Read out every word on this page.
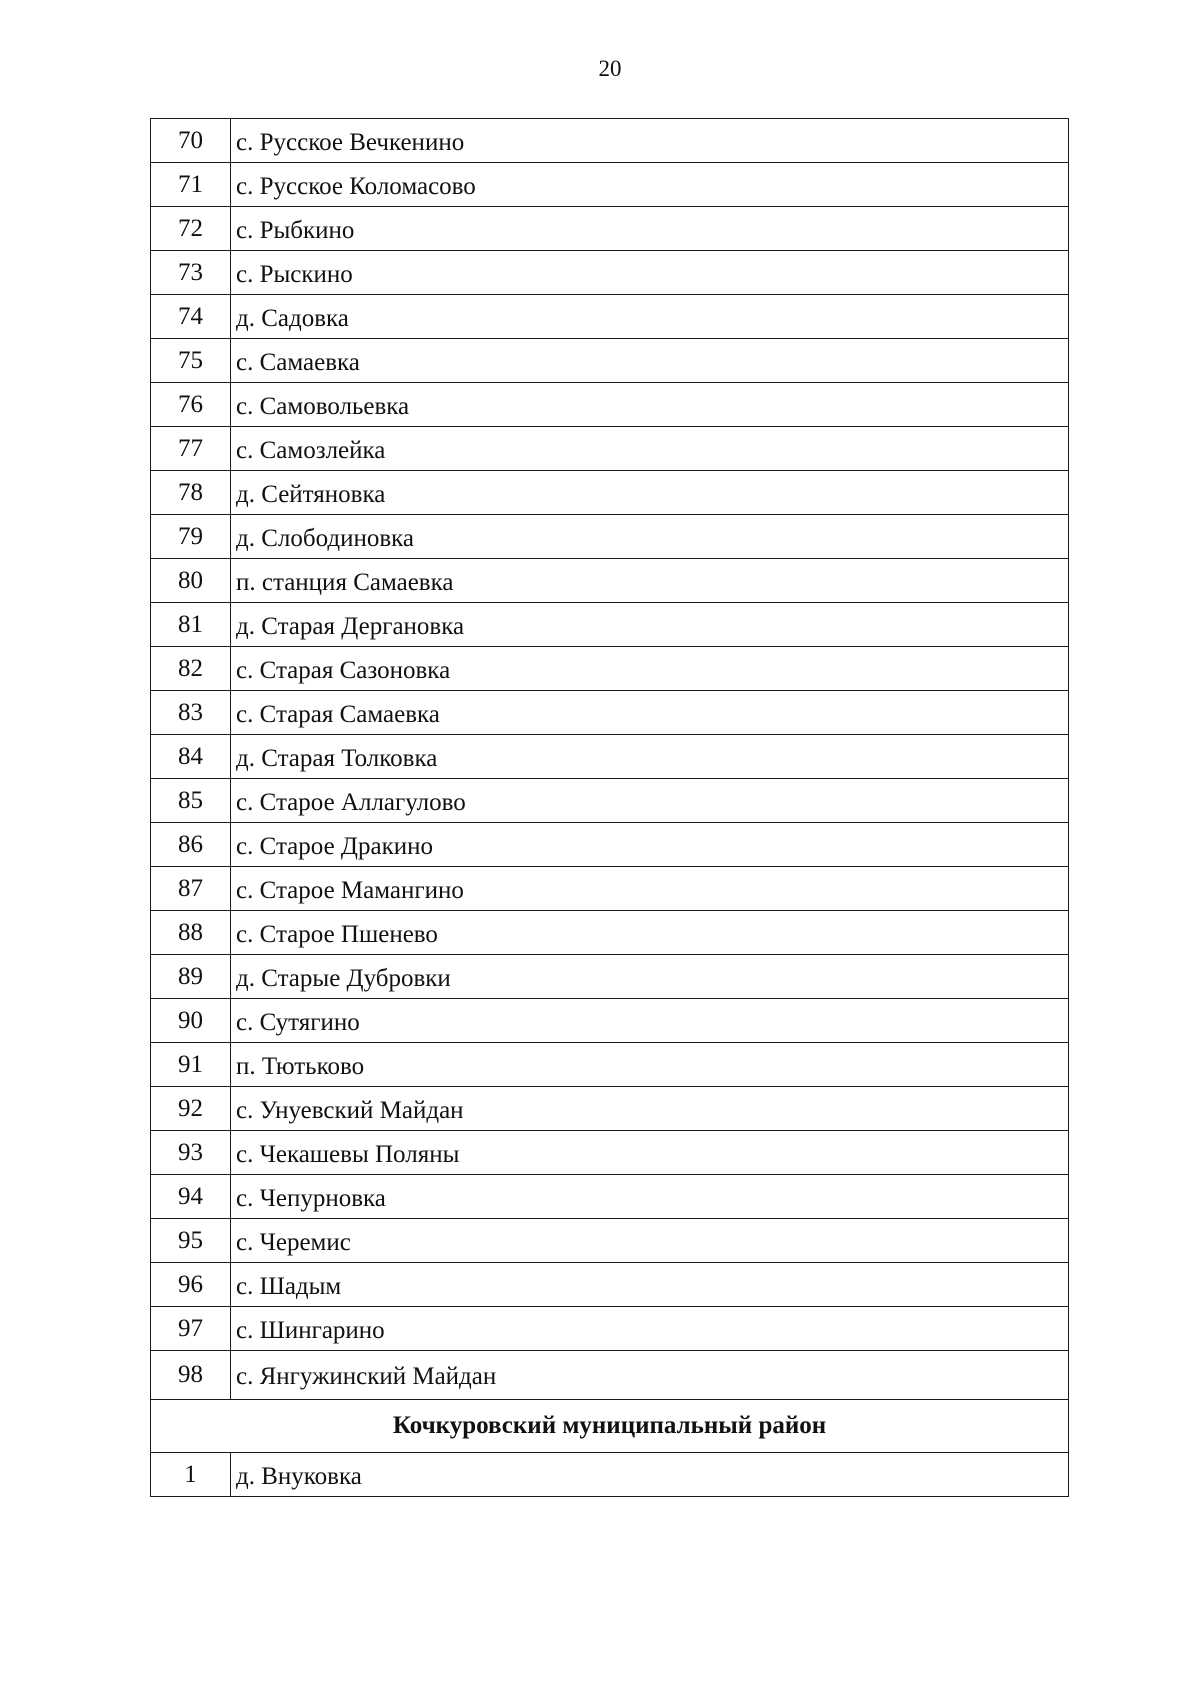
20
70	с. Русское Вечкенино
71	с. Русское Коломасово
72	с. Рыбкино
73	с. Рыскино
74	д. Садовка
75	с. Самаевка
76	с. Самовольевка
77	с. Самозлейка
78	д. Сейтяновка
79	д. Слободиновка
80	п. станция Самаевка
81	д. Старая Дергановка
82	с. Старая Сазоновка
83	с. Старая Самаевка
84	д. Старая Толковка
85	с. Старое Аллагулово
86	с. Старое Дракино
87	с. Старое Мамангино
88	с. Старое Пшенево
89	д. Старые Дубровки
90	с. Сутягино
91	п. Тютьково
92	с. Унуевский Майдан
93	с. Чекашевы Поляны
94	с. Чепурновка
95	с. Черемис
96	с. Шадым
97	с. Шингарино
98	с. Янгужинский Майдан
Кочкуровский муниципальный район	
1	д. Внуковка
